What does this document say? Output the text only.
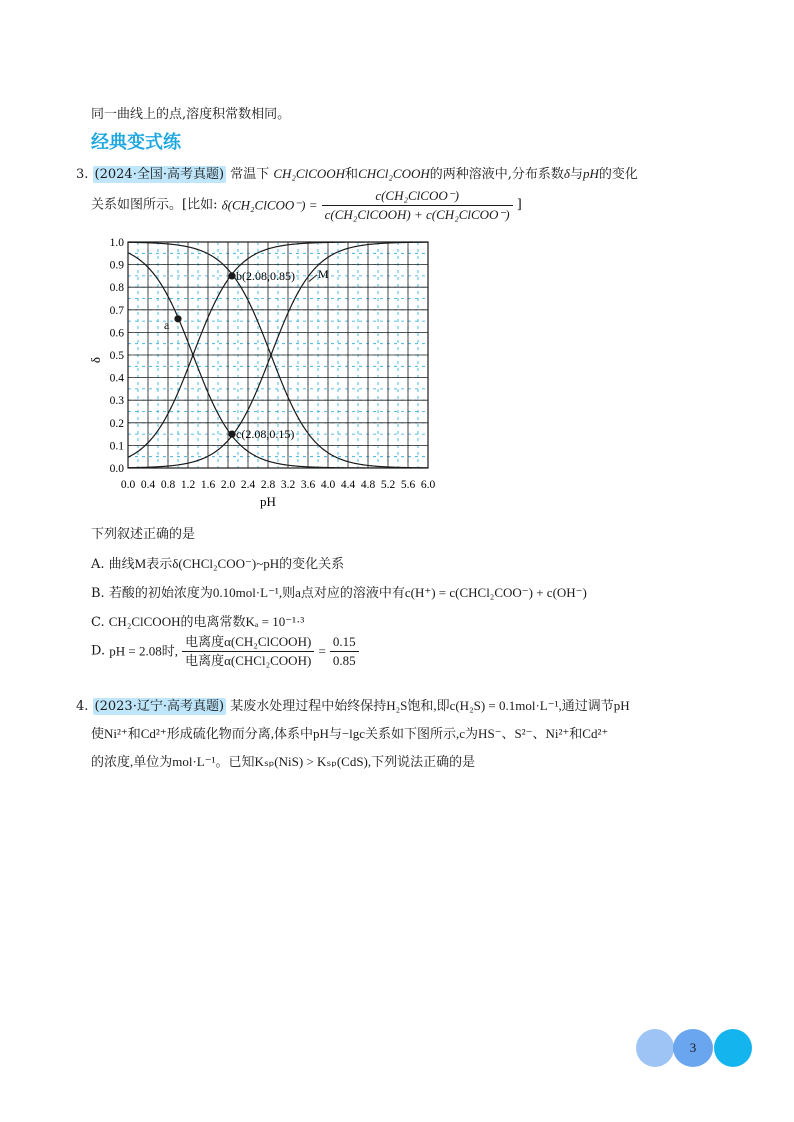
同一曲线上的点,溶度积常数相同。
经典变式练
3. (2024·全国·高考真题) 常温下 CH₂ClCOOH和CHCl₂COOH的两种溶液中,分布系数δ与pH的变化
关系如图所示。[比如: δ(CH₂ClCOO⁻) = $\frac{\text{c(CH₂ClCOO⁻)}}{\text{c(CH₂ClCOOH) + c(CH₂ClCOO⁻)}}$ ]
a
b(2.08,0.85)
c(2.08,0.15)
M
0.0 0.4 0.8 1.2 1.6 2.0 2.4 2.8 3.2 3.6 4.0 4.4 4.8 5.2 5.6 6.0
0.0
0.1
0.2
0.3
0.4
0.5
0.6
0.7
0.8
0.9
1.0
pH
δ
下列叙述正确的是
A. 曲线M表示δ(CHCl₂COO⁻)~pH的变化关系
B. 若酸的初始浓度为0.10mol·L⁻¹,则a点对应的溶液中有c(H⁺) = c(CHCl₂COO⁻) + c(OH⁻)
C. CH₂ClCOOH的电离常数Kₐ = 10⁻¹·³
D. pH = 2.08时, $\frac{\text{电离度α(CH₂ClCOOH)}}{\text{电离度α(CHCl₂COOH)}} = \frac{0.15}{0.85}$
4. (2023·辽宁·高考真题) 某废水处理过程中始终保持H₂S饱和,即c(H₂S) = 0.1mol·L⁻¹,通过调节pH
使Ni²⁺和Cd²⁺形成硫化物而分离,体系中pH与−lgc关系如下图所示,c为HS⁻、S²⁻、Ni²⁺和Cd²⁺
的浓度,单位为mol·L⁻¹。已知Kₛₚ(NiS) > Kₛₚ(CdS),下列说法正确的是
3
